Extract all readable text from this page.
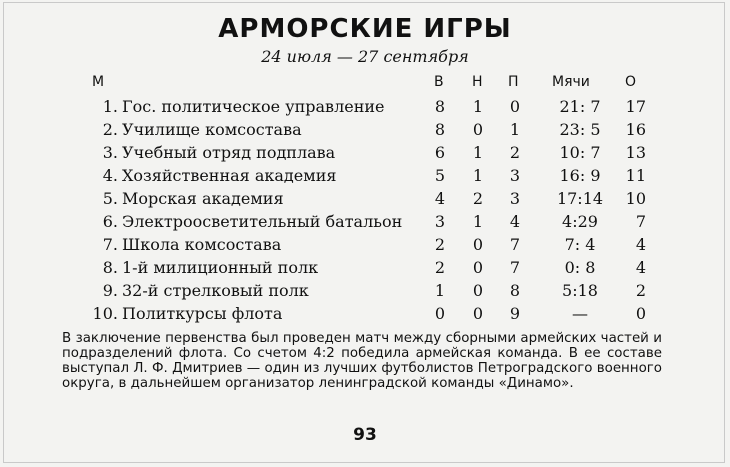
АРМОРСКИЕ ИГРЫ
24 июля — 27 сентября
М	В Н П Мячи	О
1. Гос. политическое управление	8 1 0	21: 7	17
2. Училище комсостава	8 0 1	23: 5	16
3. Учебный отряд подплава	6 1 2	10: 7	13
4. Хозяйственная академия	5 1 3	16: 9	11
5. Морская академия	4 2 3	17:14	10
6. Электроосветительный батальон 3 1 4	4:29	7
7. Школа комсостава	2 0 7	7: 4	4
8. 1-й милиционный полк	2 0 7	0: 8	4
9. 32-й стрелковый полк	1 0 8	5:18	2
10. Политкурсы флота	0 0 9	—	0
В заключение первенства был проведен матч между сборными армейских частей и подразделений флота. Со счетом 4:2 победила армейская команда. В ее составе выступал Л. Ф. Дмитриев — один из лучших футболистов Петроградского военного округа, в дальнейшем организатор ленинградской команды «Динамо».
93
